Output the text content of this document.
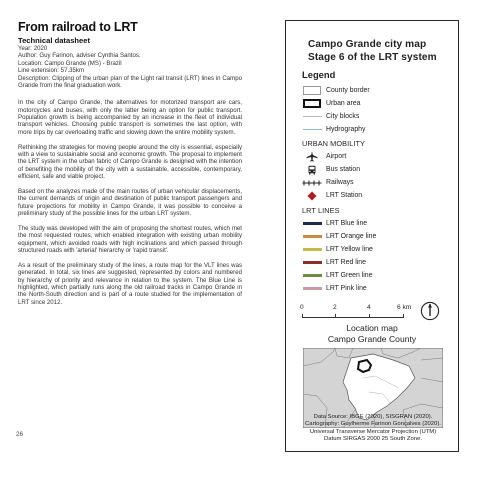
From railroad to LRT
Technical datasheet
Year: 2020
Author: Guy Farinon, adviser Cynthia Santos.
Location: Campo Grande (MS) - Brazil
Line extension: 57.35km
Description: Clipping of the urban plan of the Light rail transit (LRT) lines in Campo Grande from the final graduation work.

In the city of Campo Grande, the alternatives for motorized transport are cars, motorcycles and buses, with only the latter being an option for public transport. Population growth is being accompanied by an increase in the fleet of individual transport vehicles. Choosing public transport is sometimes the last option, with more trips by car overloading traffic and slowing down the entire mobility system.

Rethinking the strategies for moving people around the city is essential, especially with a view to sustainable social and economic growth. The proposal to implement the LRT system in the urban fabric of Campo Grande is designed with the intention of benefiting the mobility of the city with a sustainable, accessible, contemporary, efficient, safe and viable project.

Based on the analyzes made of the main routes of urban vehicular displacements, the current demands of origin and destination of public transport passengers and future projections for mobility in Campo Grande, it was possible to conceive a preliminary study of the possible lines for the urban LRT system.

The study was developed with the aim of proposing the shortest routes, which met the most requested routes, which enabled integration with existing urban mobility equipment, which avoided roads with high inclinations and which passed through structured roads with 'arterial' hierarchy or 'rapid transit'.

As a result of the preliminary study of the lines, a route map for the VLT lines was generated. In total, six lines are suggested, represented by colors and numbered by hierarchy of priority and relevance in relation to the system. The Blue Line is highlighted, which partially runs along the old railroad tracks in Campo Grande in the North-South direction and is part of a route studied for the implementation of LRT since 2012.

26
Campo Grande city map
Stage 6 of the LRT system
Legend
County border
Urban area
City blocks
Hydrography
URBAN MOBILITY
Airport
Bus station
Railways
LRT Station
LRT LINES
LRT Blue line
LRT Orange line
LRT Yellow line
LRT Red line
LRT Green line
LRT Pink line
0	2	4	6 km
Location map
Campo Grande County
Data Source: IBGE (2020), SISGRAN (2020).
Cartography: Guylherme Farinon Gonçalves (2020).
Universal Transverse Mercator Projection (UTM)
Datum SIRGAS 2000 25 South Zone.
